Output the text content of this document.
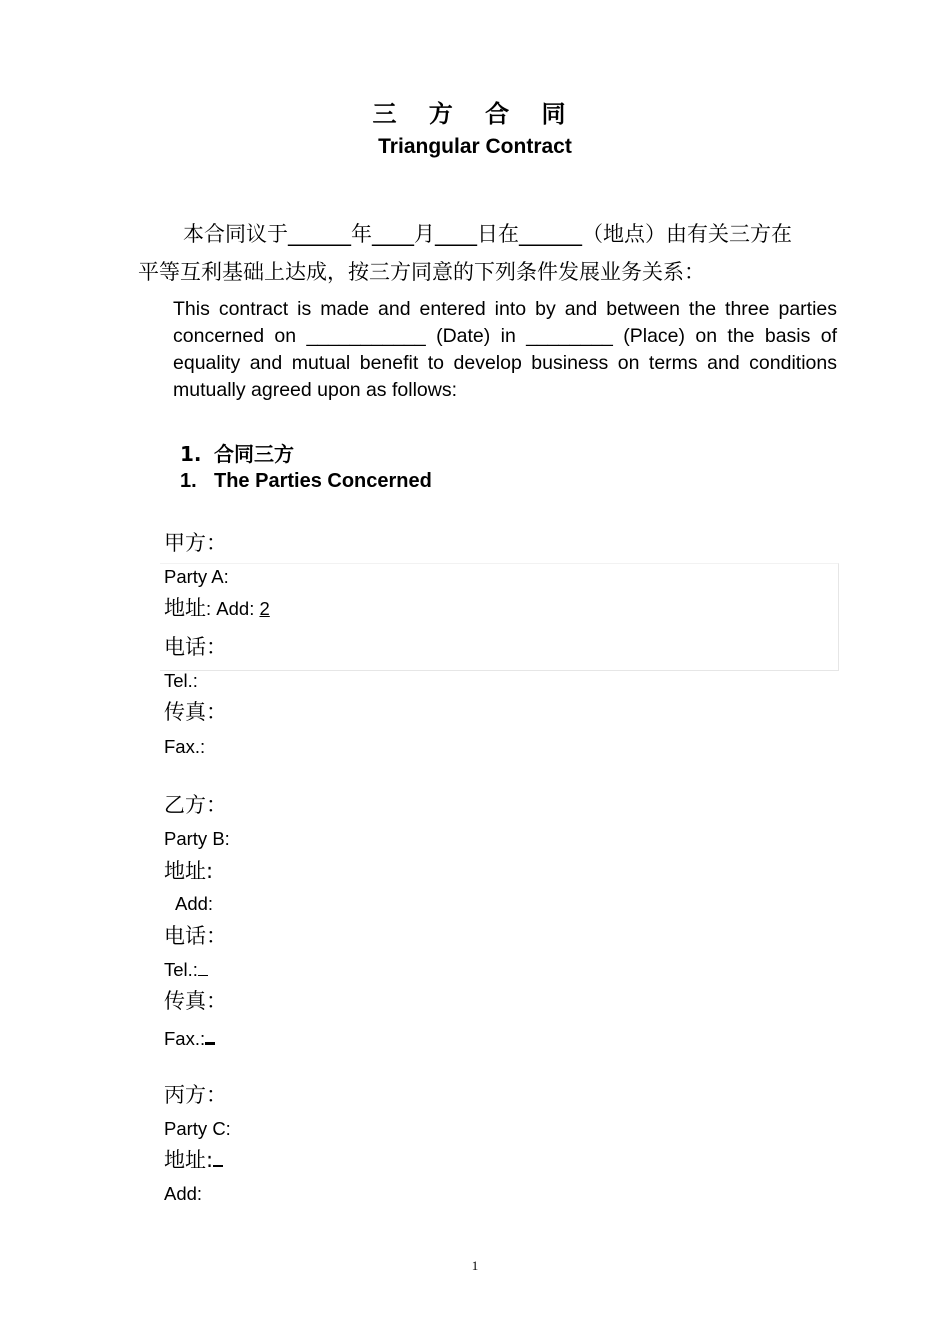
三 方 合 同
Triangular Contract
本合同议于______年____月____日在______（地点）由有关三方在
平等互利基础上达成，按三方同意的下列条件发展业务关系：

This contract is made and entered into by and between the three parties concerned on ___________ (Date) in ________ (Place) on the basis of equality and mutual benefit to develop business on terms and conditions mutually agreed upon as follows:

1. 合同三方
1. The Parties Concerned
甲方：
Party A:
地址: Add: 2
电话：
Tel.:
传真：
Fax.:
乙方：
Party B:
地址:
Add:
电话：
Tel.:
传真：
Fax.:
丙方：
Party C:
地址:
Add:
1
